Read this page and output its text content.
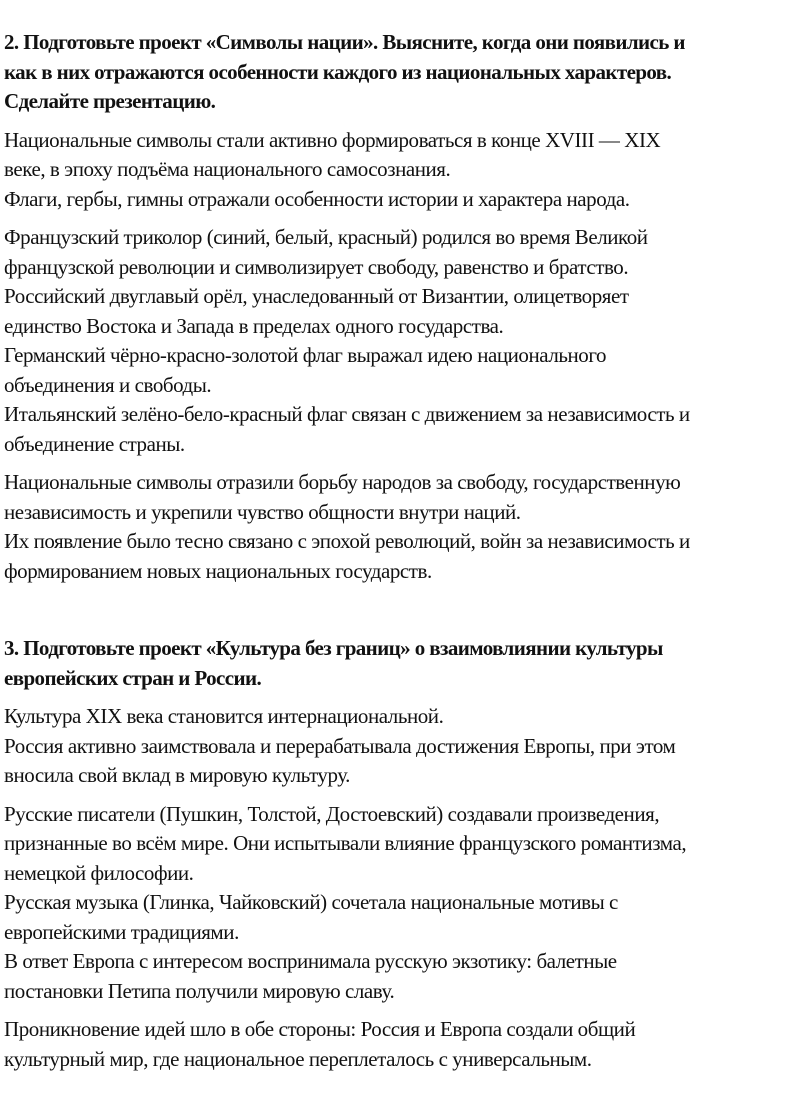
2. Подготовьте проект «Символы нации». Выясните, когда они появились и
как в них отражаются особенности каждого из национальных характеров.
Сделайте презентацию.
Национальные символы стали активно формироваться в конце XVIII — XIX
веке, в эпоху подъёма национального самосознания.
Флаги, гербы, гимны отражали особенности истории и характера народа.
Французский триколор (синий, белый, красный) родился во время Великой
французской революции и символизирует свободу, равенство и братство.
Российский двуглавый орёл, унаследованный от Византии, олицетворяет
единство Востока и Запада в пределах одного государства.
Германский чёрно-красно-золотой флаг выражал идею национального
объединения и свободы.
Итальянский зелёно-бело-красный флаг связан с движением за независимость и
объединение страны.
Национальные символы отразили борьбу народов за свободу, государственную
независимость и укрепили чувство общности внутри наций.
Их появление было тесно связано с эпохой революций, войн за независимость и
формированием новых национальных государств.
3. Подготовьте проект «Культура без границ» о взаимовлиянии культуры
европейских стран и России.
Культура XIX века становится интернациональной.
Россия активно заимствовала и перерабатывала достижения Европы, при этом
вносила свой вклад в мировую культуру.
Русские писатели (Пушкин, Толстой, Достоевский) создавали произведения,
признанные во всём мире. Они испытывали влияние французского романтизма,
немецкой философии.
Русская музыка (Глинка, Чайковский) сочетала национальные мотивы с
европейскими традициями.
В ответ Европа с интересом воспринимала русскую экзотику: балетные
постановки Петипа получили мировую славу.
Проникновение идей шло в обе стороны: Россия и Европа создали общий
культурный мир, где национальное переплеталось с универсальным.
